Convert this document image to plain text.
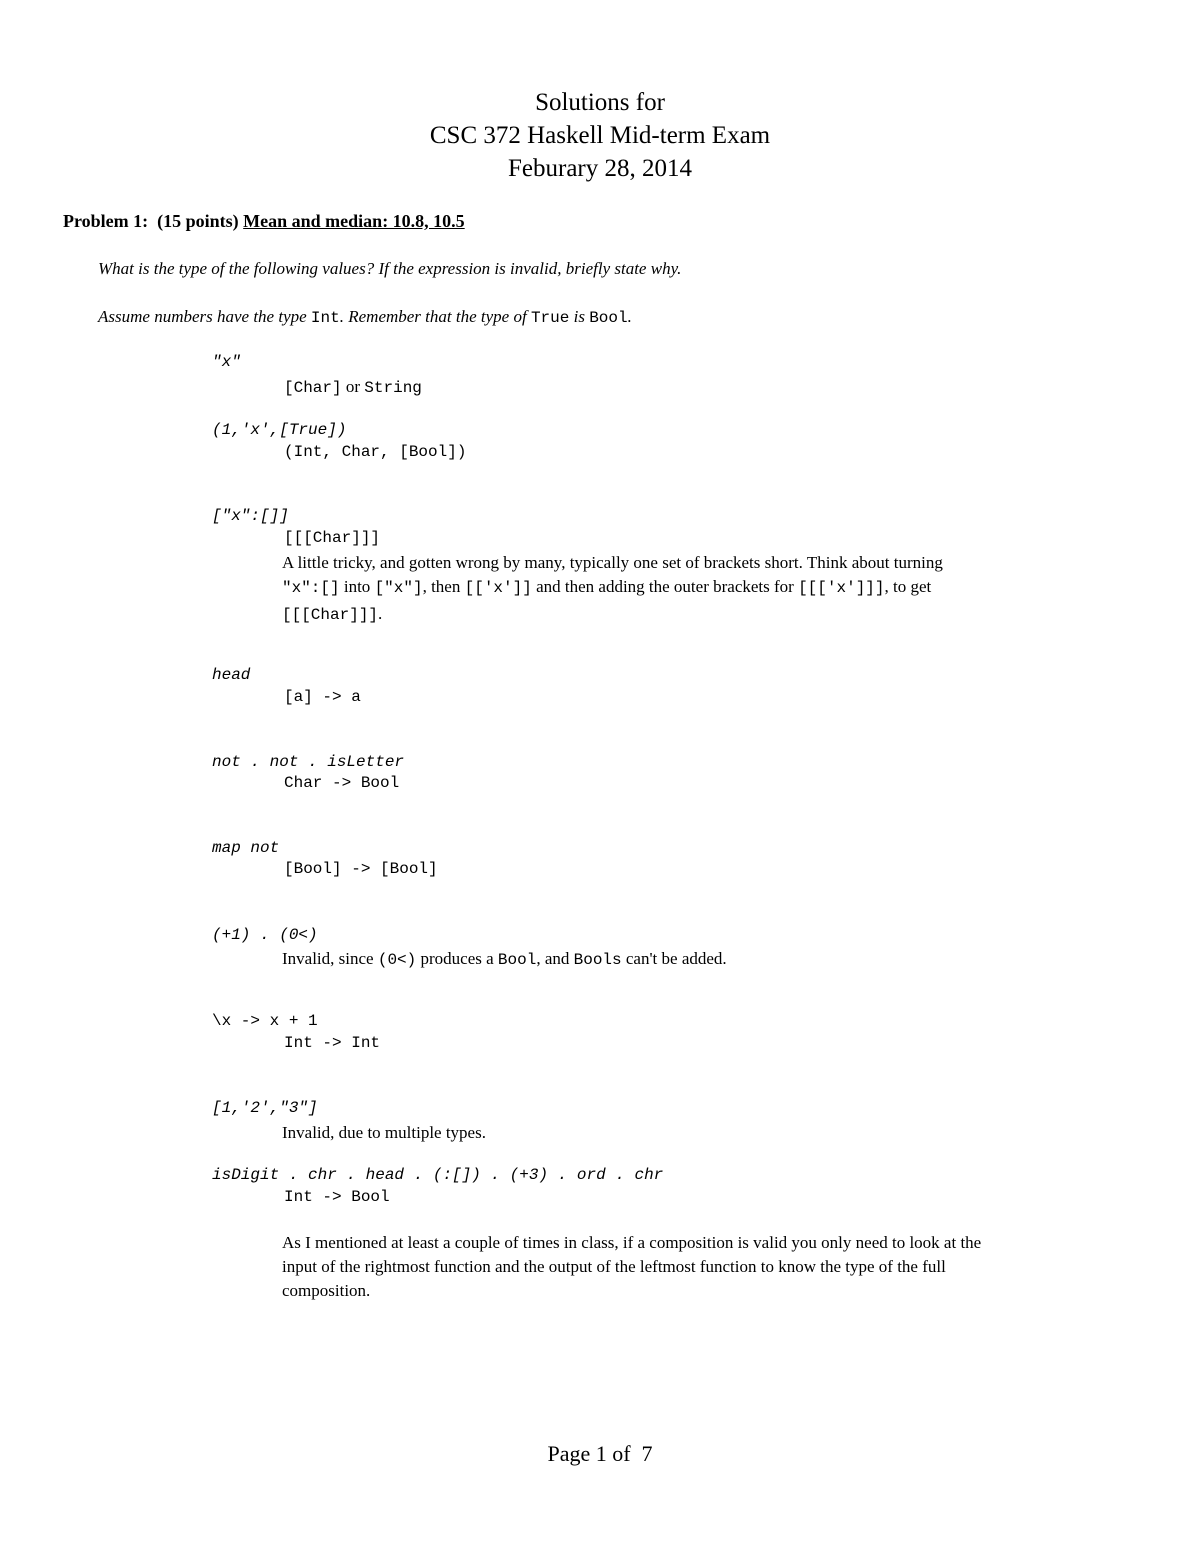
Solutions for
CSC 372 Haskell Mid-term Exam
Feburary 28, 2014
Problem 1: (15 points) Mean and median: 10.8, 10.5
What is the type of the following values? If the expression is invalid, briefly state why.
Assume numbers have the type Int. Remember that the type of True is Bool.
"x"
[Char] or String
(1,'x',[True])
(Int, Char, [Bool])
["x":[]]
[[[Char]]]
A little tricky, and gotten wrong by many, typically one set of brackets short. Think about turning
"x":[] into ["x"], then [['x']] and then adding the outer brackets for [[['x']]], to get
[[[Char]]].
head
[a] -> a
not . not . isLetter
Char -> Bool
map not
[Bool] -> [Bool]
(+1) . (0<)
Invalid, since (0<) produces a Bool, and Bools can't be added.
\x -> x + 1
Int -> Int
[1,'2',"3"]
Invalid, due to multiple types.
isDigit . chr . head . (:[]) . (+3) . ord . chr
Int -> Bool
As I mentioned at least a couple of times in class, if a composition is valid you only need to look at the
input of the rightmost function and the output of the leftmost function to know the type of the full
composition.
Page 1 of  7
